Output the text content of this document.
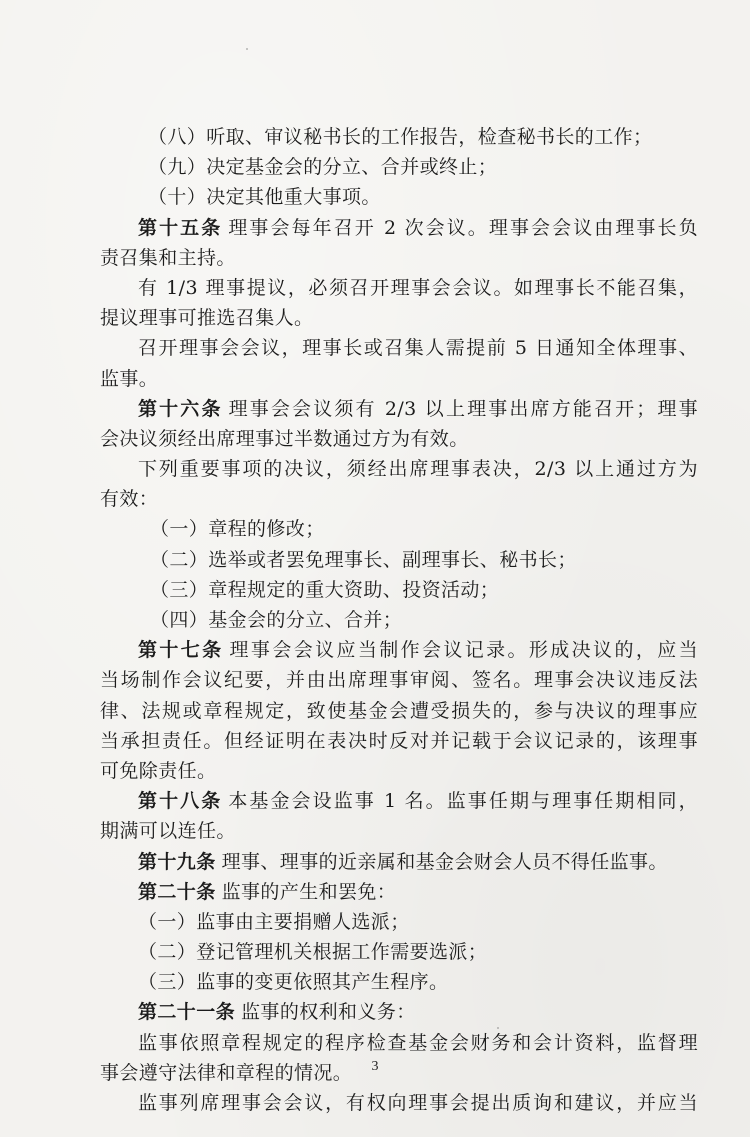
（八）听取、审议秘书长的工作报告，检查秘书长的工作；
（九）决定基金会的分立、合并或终止；
（十）决定其他重大事项。
第十五条 理事会每年召开 2 次会议。理事会会议由理事长负
责召集和主持。
有 1/3 理事提议，必须召开理事会会议。如理事长不能召集，
提议理事可推选召集人。
召开理事会会议，理事长或召集人需提前 5 日通知全体理事、
监事。
第十六条 理事会会议须有 2/3 以上理事出席方能召开；理事
会决议须经出席理事过半数通过方为有效。
下列重要事项的决议，须经出席理事表决，2/3 以上通过方为
有效：
（一）章程的修改；
（二）选举或者罢免理事长、副理事长、秘书长；
（三）章程规定的重大资助、投资活动；
（四）基金会的分立、合并；
第十七条 理事会会议应当制作会议记录。形成决议的，应当
当场制作会议纪要，并由出席理事审阅、签名。理事会决议违反法
律、法规或章程规定，致使基金会遭受损失的，参与决议的理事应
当承担责任。但经证明在表决时反对并记载于会议记录的，该理事
可免除责任。
第十八条 本基金会设监事 1 名。监事任期与理事任期相同，
期满可以连任。
第十九条 理事、理事的近亲属和基金会财会人员不得任监事。
第二十条 监事的产生和罢免：
（一）监事由主要捐赠人选派；
（二）登记管理机关根据工作需要选派；
（三）监事的变更依照其产生程序。
第二十一条 监事的权利和义务：
监事依照章程规定的程序检查基金会财务和会计资料，监督理
事会遵守法律和章程的情况。
监事列席理事会会议，有权向理事会提出质询和建议，并应当
3
